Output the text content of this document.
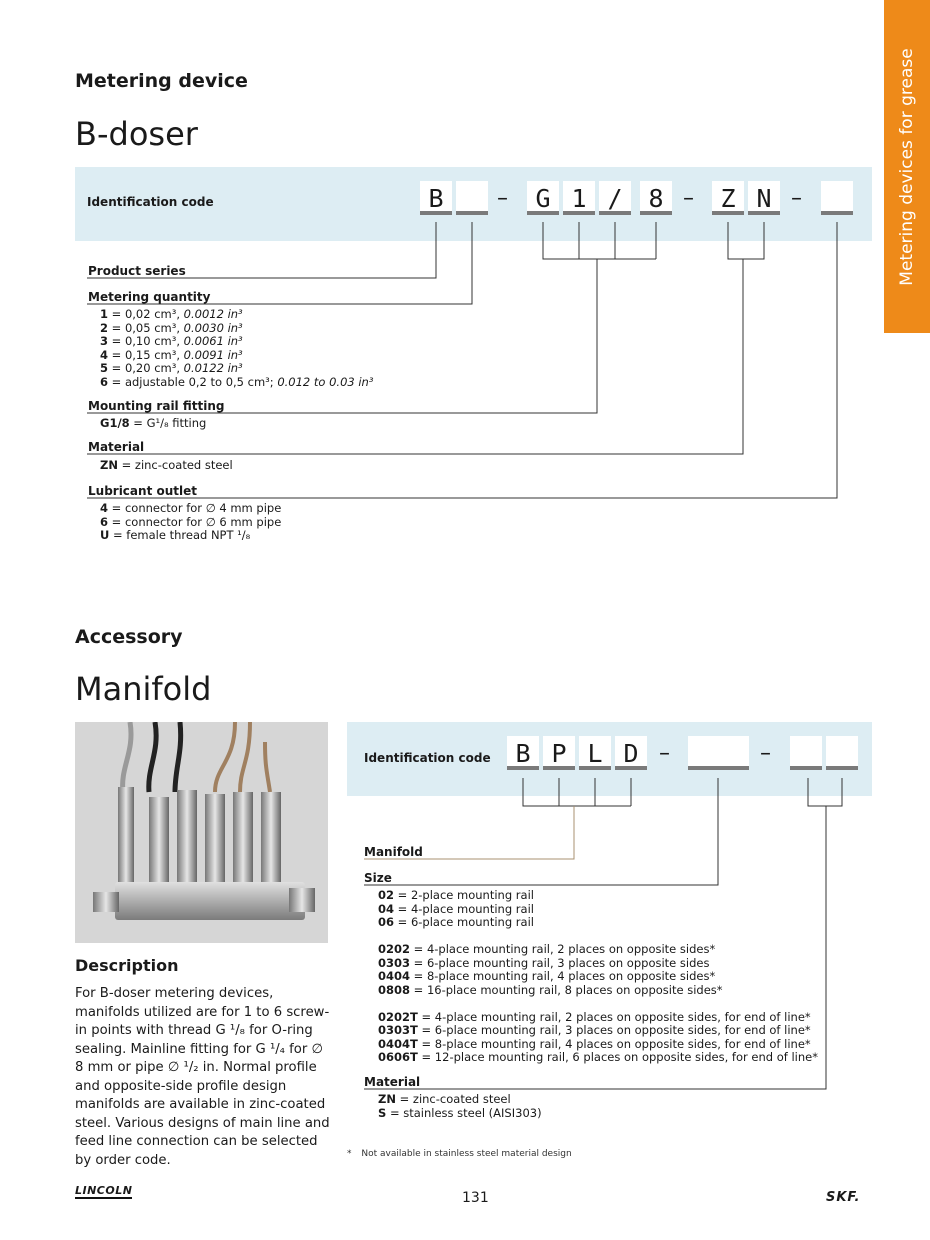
Metering devices for grease
Metering device
B-doser
Identification code	B	–	G 1 /	8 –	Z N –
Product series
Metering quantity
1 = 0,02 cm³, 0.0012 in³
2 = 0,05 cm³, 0.0030 in³
3 = 0,10 cm³, 0.0061 in³
4 = 0,15 cm³, 0.0091 in³
5 = 0,20 cm³, 0.0122 in³
6 = adjustable 0,2 to 0,5 cm³; 0.012 to 0.03 in³
Mounting rail fitting
G1/8 = G¹/₈ fitting
Material
ZN = zinc-coated steel
Lubricant outlet
4 = connector for ∅ 4 mm pipe
6 = connector for ∅ 6 mm pipe
U = female thread NPT ¹/₈
Accessory
Manifold
Description
For B-doser metering devices, manifolds utilized are for 1 to 6 screw-in points with thread G ¹/₈ for O-ring sealing. Mainline fitting for G ¹/₄ for ∅ 8 mm or pipe ∅ ¹/₂ in. Normal profile and opposite-side profile design manifolds are available in zinc-coated steel. Various designs of main line and feed line connection can be selected by order code.
Identification code B P L D –	–
Manifold
Size
02 = 2-place mounting rail
04 = 4-place mounting rail
06 = 6-place mounting rail
0202 = 4-place mounting rail, 2 places on opposite sides*
0303 = 6-place mounting rail, 3 places on opposite sides
0404 = 8-place mounting rail, 4 places on opposite sides*
0808 = 16-place mounting rail, 8 places on opposite sides*
0202T = 4-place mounting rail, 2 places on opposite sides, for end of line*
0303T = 6-place mounting rail, 3 places on opposite sides, for end of line*
0404T = 8-place mounting rail, 4 places on opposite sides, for end of line*
0606T = 12-place mounting rail, 6 places on opposite sides, for end of line*
Material
ZN = zinc-coated steel
S = stainless steel (AISI303)
* Not available in stainless steel material design
LINCOLN	131	SKF.
